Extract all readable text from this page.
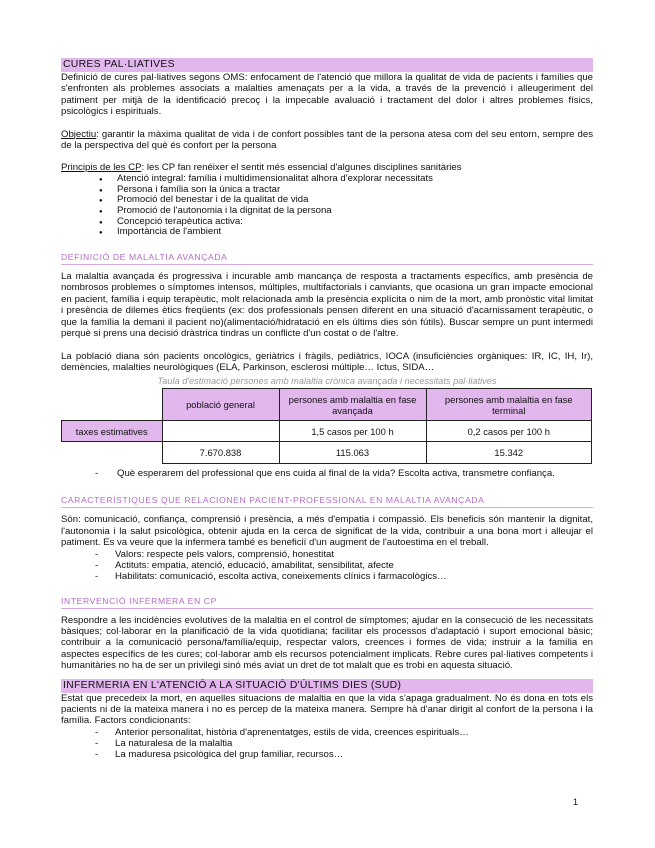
CURES PAL·LIATIVES

Definició de cures pal·liatives segons OMS: enfocament de l'atenció que millora la qualitat de vida de pacients i famílies que s'enfronten als problemes associats a malalties amenaçats per a la vida, a través de la prevenció i alleugeriment del patiment per mitjà de la identificació precoç i la impecable avaluació i tractament del dolor i altres problemes físics, psicològics i espirituals.

Objectiu: garantir la màxima qualitat de vida i de confort possibles tant de la persona atesa com del seu entorn, sempre des de la perspectiva del què és confort per la persona

Principis de les CP: les CP fan renéixer el sentit més essencial d'algunes disciplines sanitàries

● Atenció integral: família i multidimensionalitat alhora d'explorar necessitats
● Persona i família son la única a tractar
● Promoció del benestar i de la qualitat de vida
● Promoció de l'autonomia i la dignitat de la persona
● Concepció terapèutica activa:
● Importància de l'ambient
DEFINICIÓ DE MALALTIA AVANÇADA

La malaltia avançada és progressiva i incurable amb mancança de resposta a tractaments específics, amb presència de nombrosos problemes o símptomes intensos, múltiples, multifactorials i canviants, que ocasiona un gran impacte emocional en pacient, família i equip terapèutic, molt relacionada amb la presència explícita o nim de la mort, amb pronòstic vital limitat i presència de dilemes ètics freqüents (ex: dos professionals pensen diferent en una situació d'acarnissament terapèutic, o que la família la demani il pacient no)(alimentació/hidratació en els últims dies són fútils). Buscar sempre un punt intermedi perquè si prens una decisió dràstrica tindras un conflicte d'un costat o de l'altre.

La població diana són pacients oncològics, geriàtrics i fràgils, pediàtrics, IOCA (insuficiències orgàniques: IR, IC, IH, Ir), demències, malalties neurològiques (ELA, Parkinson, esclerosi múltiple… Ictus, SIDA…

Taula d'estimació persones amb malaltia crònica avançada i necessitats pal·liatives
	població general	persones amb malaltia en fase avançada	persones amb malaltia en fase terminal
taxes estimatives		1,5 casos per 100 h	0,2 casos per 100 h
	7.670.838	115.063	15.342
- Què esperarem del professional que ens cuida al final de la vida? Escolta activa, transmetre confiança.
CARACTERÍSTIQUES QUE RELACIONEN PACIENT-PROFESSIONAL EN MALALTIA AVANÇADA

Són: comunicació, confiança, comprensió i presència, a més d'empatia i compassió. Els beneficis són mantenir la dignitat, l'autonomia i la salut psicològica, obtenir ajuda en la cerca de significat de la vida, contribuir a una bona mort i alleujar el patiment. Es va veure que la infermera també es beneficiï d'un augment de l'autoestima en el treball.

- Valors: respecte pels valors, comprensió, honestitat
- Actituts: empatia, atenció, educació, amabilitat, sensibilitat, afecte
- Habilitats: comunicació, escolta activa, coneixements clínics i farmacològics…
INTERVENCIÓ INFERMERA EN CP

Respondre a les incidències evolutives de la malaltia en el control de símptomes; ajudar en la consecució de les necessitats bàsiques; col·laborar en la planificació de la vida quotidiana; facilitar els processos d'adaptació i suport emocional bàsic; contribuir a la comunicació persona/família/equip, respectar valors, creences i formes de vida; instruir a la família en aspectes específics de les cures; col·laborar amb els recursos potencialment implicats. Rebre cures pal·liatives competents i humanitàries no ha de ser un privilegi sinó més aviat un dret de tot malalt que es trobi en aquesta situació.

INFERMERIA EN L'ATENCIÓ A LA SITUACIÓ D'ÚLTIMS DIES (SUD)

Estat que precedeix la mort, en aquelles situacions de malaltia en que la vida s'apaga gradualment. No és dona en tots els pacients ni de la mateixa manera i no es percep de la mateixa manera. Sempre hà d'anar dirigit al confort de la persona i la família. Factors condicionants:

- Anterior personalitat, història d'aprenentatges, estils de vida, creences espirituals…
- La naturalesa de la malaltia
- La maduresa psicològica del grup familiar, recursos…
1
